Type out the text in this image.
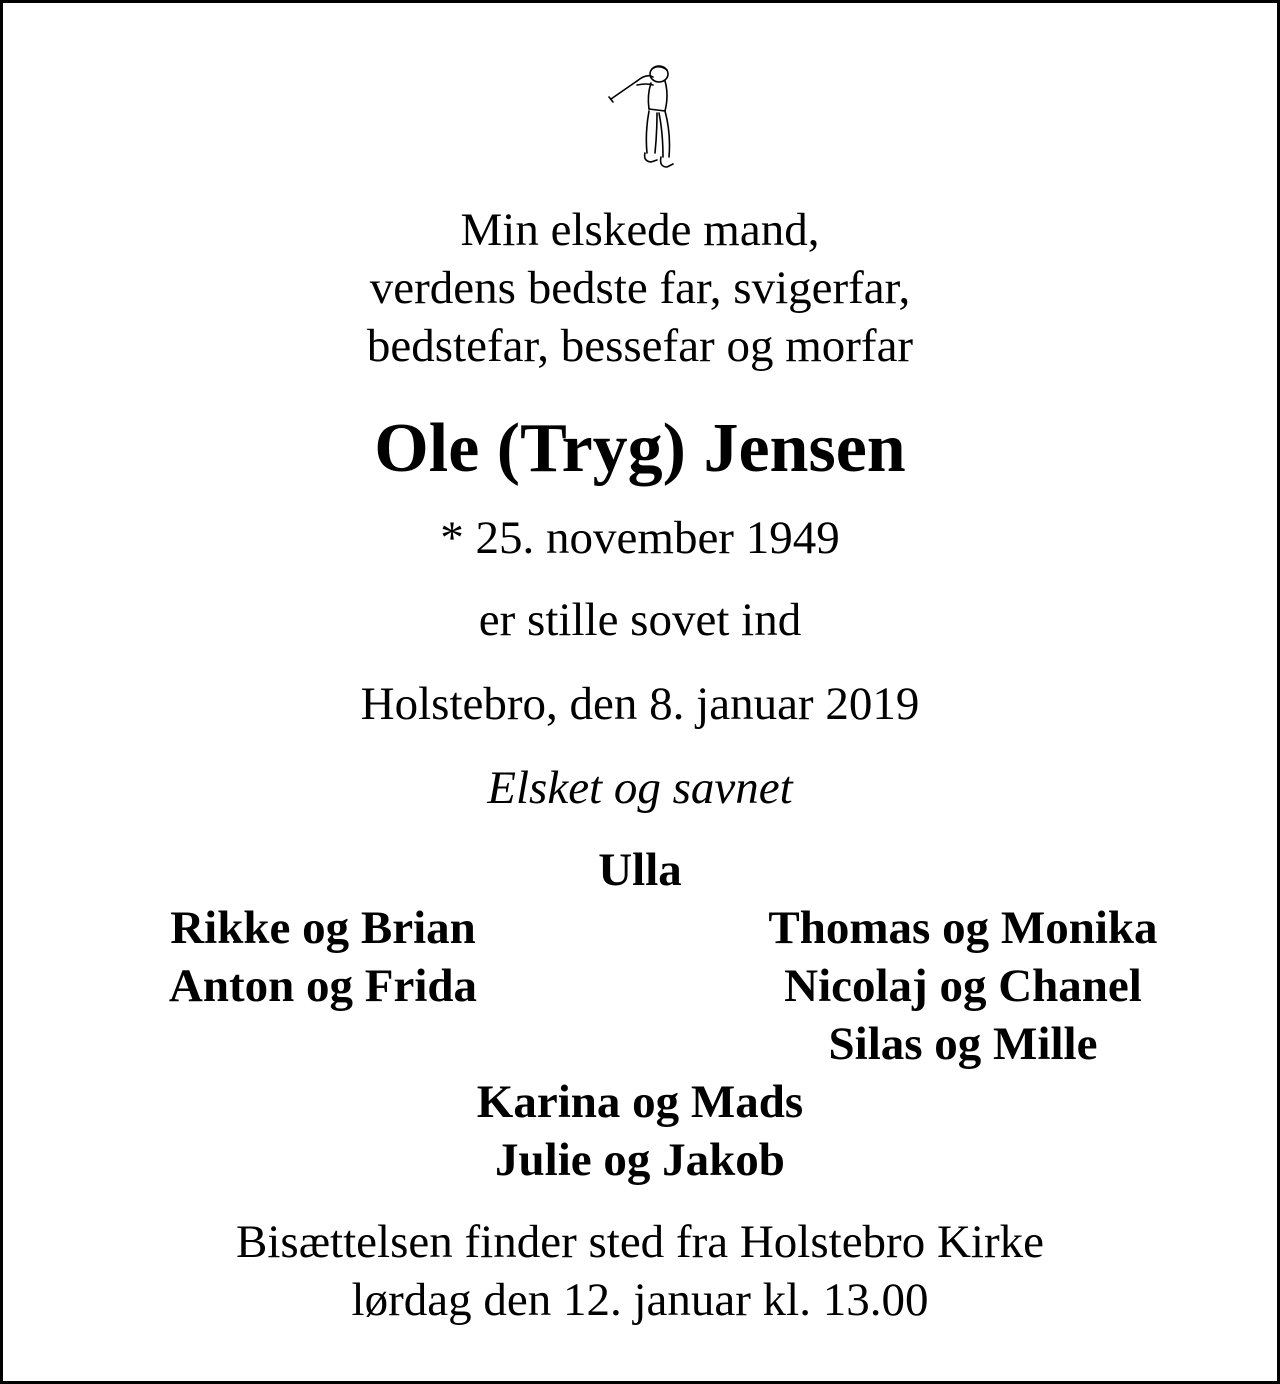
Min elskede mand,
verdens bedste far, svigerfar,
bedstefar, bessefar og morfar
Ole (Tryg) Jensen
* 25. november 1949
er stille sovet ind
Holstebro, den 8. januar 2019
Elsket og savnet
Ulla
Rikke og Brian
Anton og Frida
Thomas og Monika
Nicolaj og Chanel
Silas og Mille
Karina og Mads
Julie og Jakob
Bisættelsen finder sted fra Holstebro Kirke
lørdag den 12. januar kl. 13.00
